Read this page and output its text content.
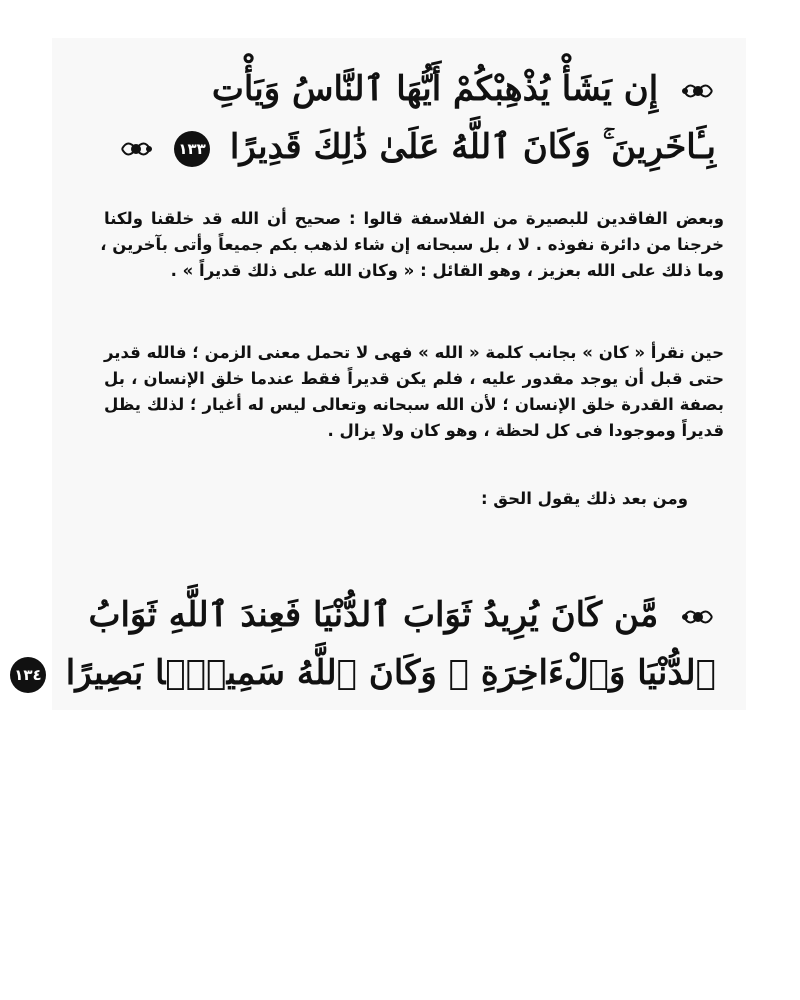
إِن يَشَأْ يُذْهِبْكُمْ أَيُّهَا ٱلنَّاسُ وَيَأْتِ
بِـَٔاخَرِينَ ۚ وَكَانَ ٱللَّهُ عَلَىٰ ذَٰلِكَ قَدِيرًا ١٣٣
وبعض الفاقدين للبصيرة من الفلاسفة قالوا : صحيح أن الله قد خلقنا ولكنا
خرجنا من دائرة نفوذه . لا ، بل سبحانه إن شاء لذهب بكم جميعاً وأتى بآخرين ،
وما ذلك على الله بعزيز ، وهو القائل : « وكان الله على ذلك قديراً » .
حين نقرأ « كان » بجانب كلمة « الله » فهى لا تحمل معنى الزمن ؛ فالله قدير
حتى قبل أن يوجد مقدور عليه ، فلم يكن قديراً فقط عندما خلق الإنسان ، بل
بصفة القدرة خلق الإنسان ؛ لأن الله سبحانه وتعالى ليس له أغيار ؛ لذلك يظل
قديراً وموجودا فى كل لحظة ، وهو كان ولا يزال .
ومن بعد ذلك يقول الحق :
مَّن كَانَ يُرِيدُ ثَوَابَ ٱلدُّنْيَا فَعِندَ ٱللَّهِ ثَوَابُ
ٱلدُّنْيَا وَٱلْءَاخِرَةِ ۚ وَكَانَ ٱللَّهُ سَمِيعًۢا بَصِيرًا ١٣٤
